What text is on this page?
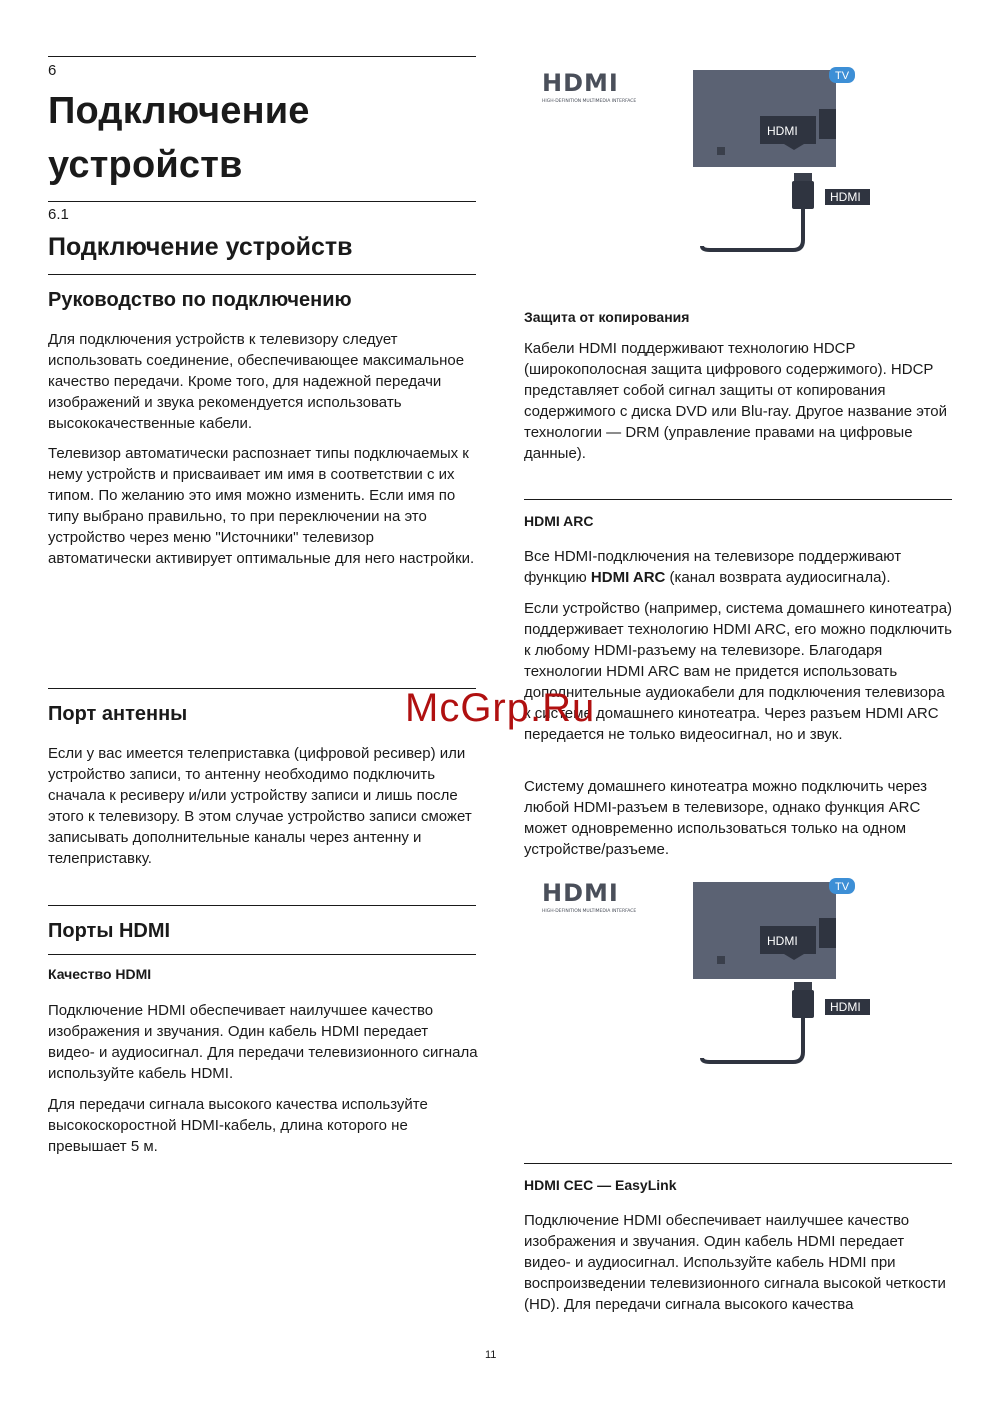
6
Подключение
устройств
6.1
Подключение устройств
Руководство по подключению

Для подключения устройств к телевизору следует использовать соединение, обеспечивающее максимальное качество передачи. Кроме того, для надежной передачи изображений и звука рекомендуется использовать высококачественные кабели.

Телевизор автоматически распознает типы подключаемых к нему устройств и присваивает им имя в соответствии с их типом. По желанию это имя можно изменить. Если имя по типу выбрано правильно, то при переключении на это устройство через меню "Источники" телевизор автоматически активирует оптимальные для него настройки.

Порт антенны

Если у вас имеется телеприставка (цифровой ресивер) или устройство записи, то антенну необходимо подключить сначала к ресиверу и/или устройству записи и лишь после этого к телевизору. В этом случае устройство записи сможет записывать дополнительные каналы через антенну и телеприставку.

Порты HDMI
Качество HDMI

Подключение HDMI обеспечивает наилучшее качество изображения и звучания. Один кабель HDMI передает видео- и аудиосигнал. Для передачи телевизионного сигнала используйте кабель HDMI.

Для передачи сигнала высокого качества используйте высокоскоростной HDMI-кабель, длина которого не превышает 5 м.

HDMI
HIGH-DEFINITION MULTIMEDIA INTERFACE
HDMI
TV
HDMI
Защита от копирования

Кабели HDMI поддерживают технологию HDCP (широкополосная защита цифрового содержимого). HDCP представляет собой сигнал защиты от копирования содержимого с диска DVD или Blu-ray. Другое название этой технологии — DRM (управление правами на цифровые данные).

HDMI ARC

Все HDMI-подключения на телевизоре поддерживают функцию HDMI ARC (канал возврата аудиосигнала).

Если устройство (например, система домашнего кинотеатра) поддерживает технологию HDMI ARC, его можно подключить к любому HDMI-разъему на телевизоре. Благодаря технологии HDMI ARC вам не придется использовать дополнительные аудиокабели для подключения телевизора к системе домашнего кинотеатра. Через разъем HDMI ARC передается не только видеосигнал, но и звук.

Систему домашнего кинотеатра можно подключить через любой HDMI-разъем в телевизоре, однако функция ARC может одновременно использоваться только на одном устройстве/разъеме.

HDMI
HIGH-DEFINITION MULTIMEDIA INTERFACE
HDMI
TV
HDMI
HDMI CEC — EasyLink

Подключение HDMI обеспечивает наилучшее качество изображения и звучания. Один кабель HDMI передает видео- и аудиосигнал. Используйте кабель HDMI при воспроизведении телевизионного сигнала высокой четкости (HD). Для передачи сигнала высокого качества

McGrp.Ru
11
